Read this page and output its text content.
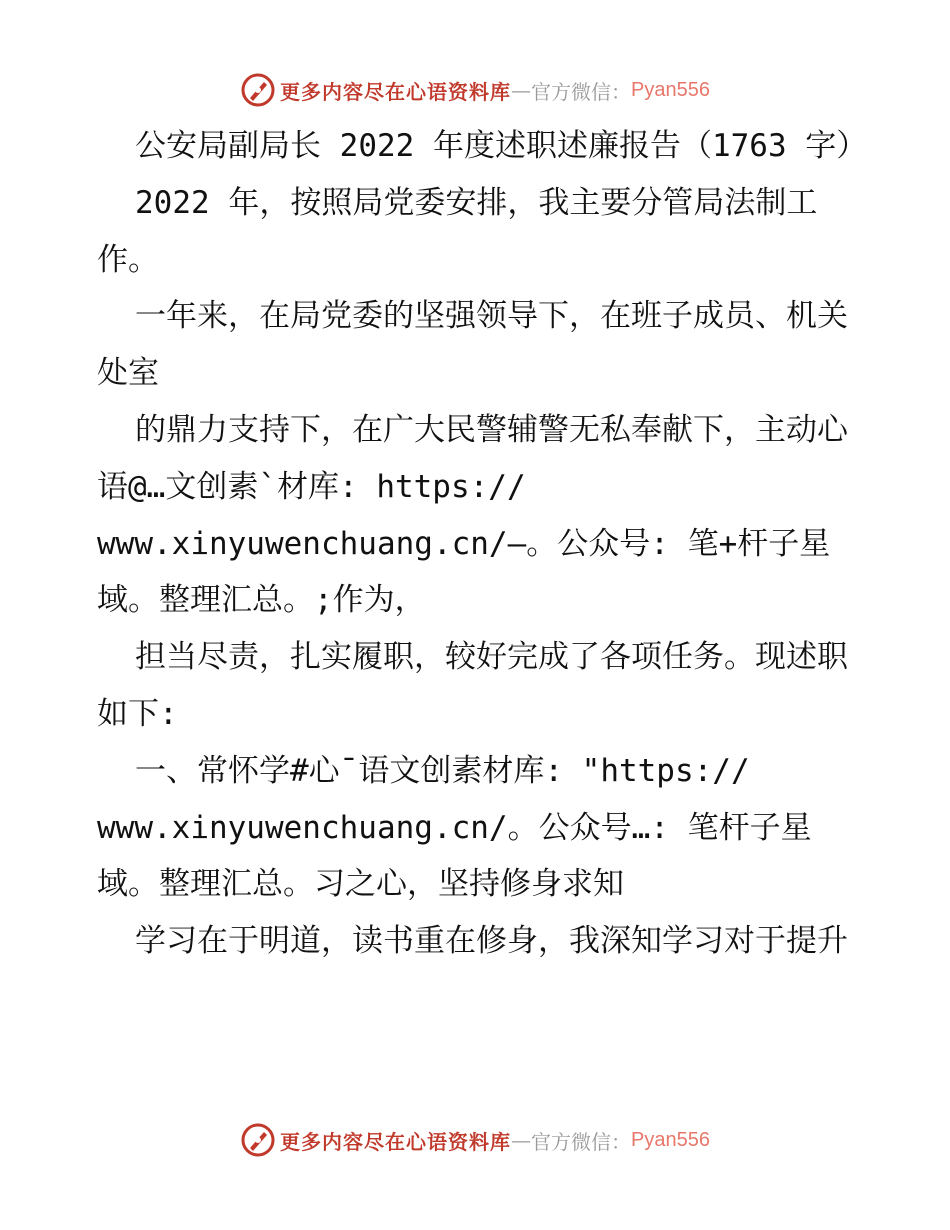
更多内容尽在心语资料库 — 官方微信： Pyan556

公安局副局长 2022 年度述职述廉报告（1763 字）

2022 年，按照局党委安排，我主要分管局法制工作。

一年来，在局党委的坚强领导下，在班子成员、机关处室

的鼎力支持下，在广大民警辅警无私奉献下，主动心语@…文创素`材库: https:// www.xinyuwenchuang.cn/—。公众号: 笔+杆子星域。整理汇总。;作为，

担当尽责，扎实履职，较好完成了各项任务。现述职如下:

一、常怀学#心¯语文创素材库: "https:// www.xinyuwenchuang.cn/。公众号…: 笔杆子星域。整理汇总。习之心，坚持修身求知

学习在于明道，读书重在修身，我深知学习对于提升

更多内容尽在心语资料库 — 官方微信： Pyan556
